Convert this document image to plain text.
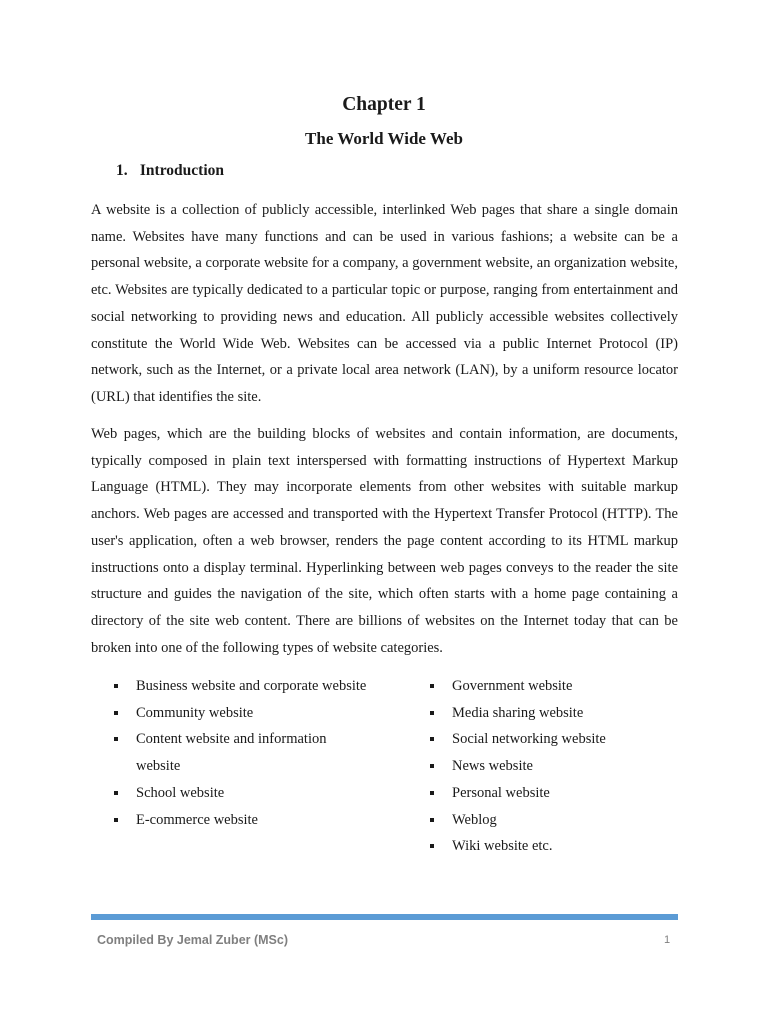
Chapter 1
The World Wide Web
1. Introduction

A website is a collection of publicly accessible, interlinked Web pages that share a single domain name. Websites have many functions and can be used in various fashions; a website can be a personal website, a corporate website for a company, a government website, an organization website, etc. Websites are typically dedicated to a particular topic or purpose, ranging from entertainment and social networking to providing news and education. All publicly accessible websites collectively constitute the World Wide Web. Websites can be accessed via a public Internet Protocol (IP) network, such as the Internet, or a private local area network (LAN), by a uniform resource locator (URL) that identifies the site.

Web pages, which are the building blocks of websites and contain information, are documents, typically composed in plain text interspersed with formatting instructions of Hypertext Markup Language (HTML). They may incorporate elements from other websites with suitable markup anchors. Web pages are accessed and transported with the Hypertext Transfer Protocol (HTTP). The user's application, often a web browser, renders the page content according to its HTML markup instructions onto a display terminal. Hyperlinking between web pages conveys to the reader the site structure and guides the navigation of the site, which often starts with a home page containing a directory of the site web content. There are billions of websites on the Internet today that can be broken into one of the following types of website categories.

Business website and corporate website
Community website
Content website and information website
School website
E-commerce website
Government website
Media sharing website
Social networking website
News website
Personal website
Weblog
Wiki website etc.

Compiled By Jemal Zuber (MSc)	1
